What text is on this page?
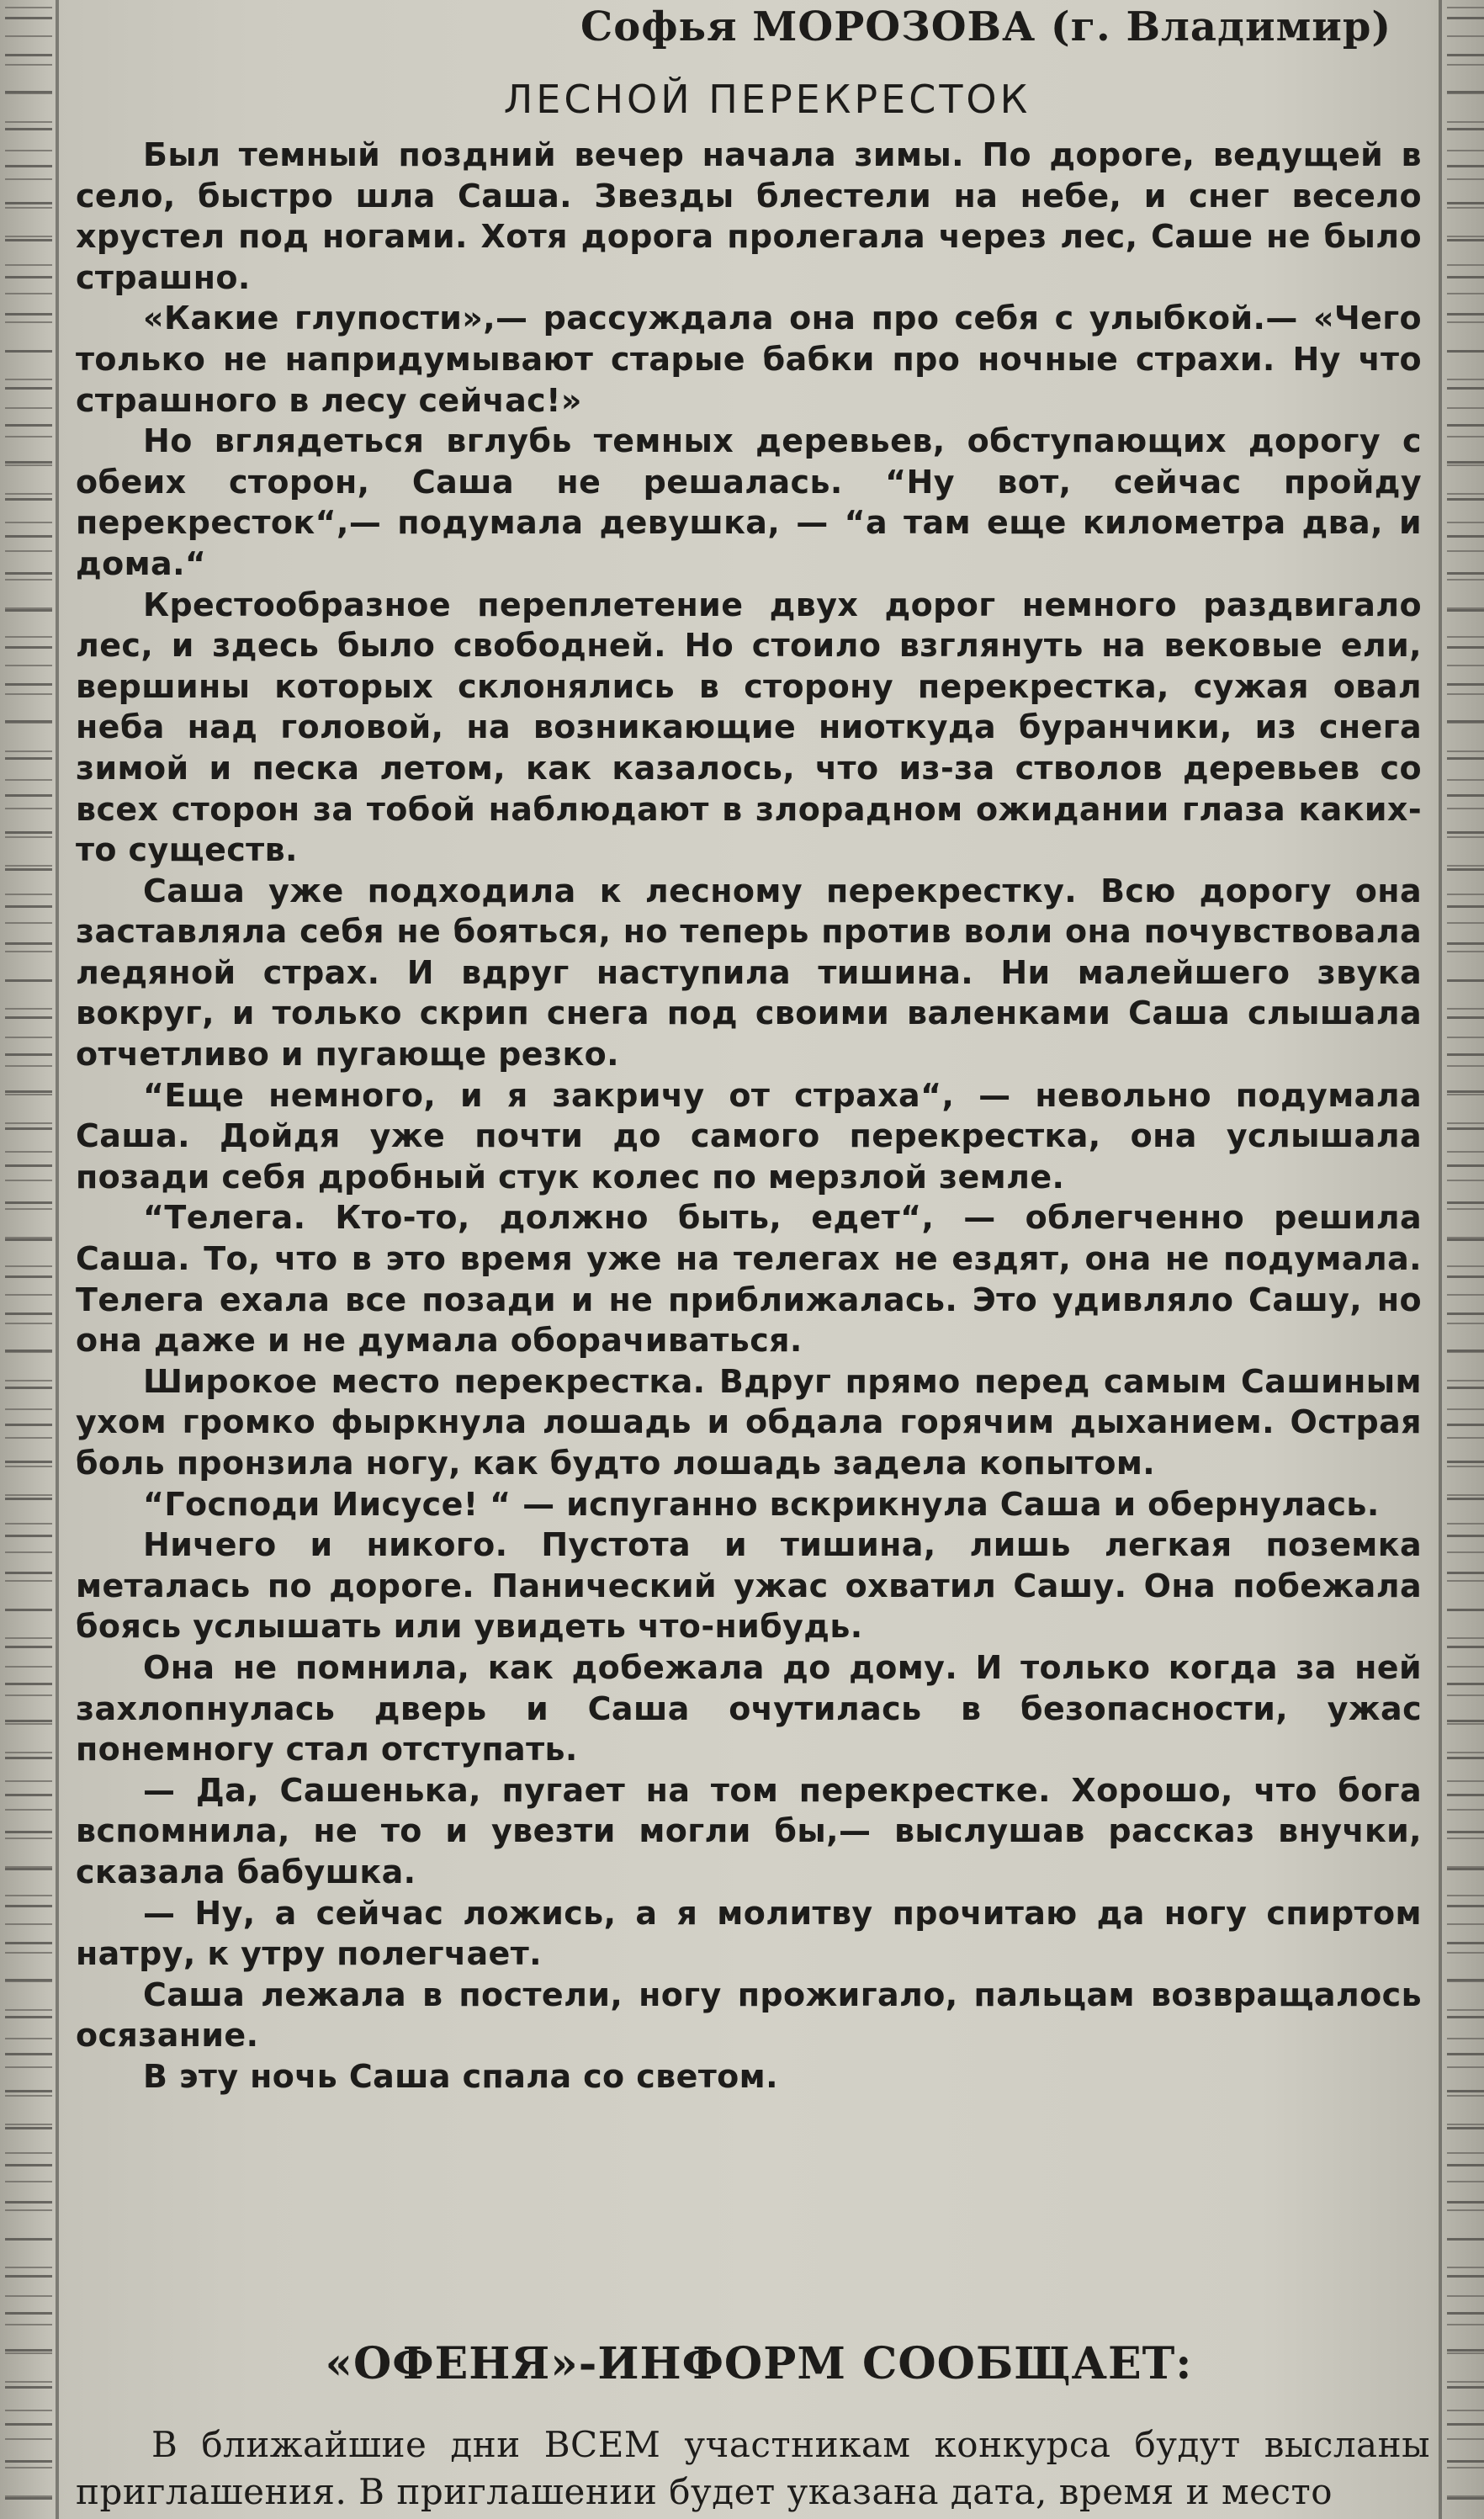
Софья МОРОЗОВА (г. Владимир)
ЛЕСНОЙ ПЕРЕКРЕСТОК

Был темный поздний вечер начала зимы. По дороге, ведущей в село, быстро шла Саша. Звезды блестели на небе, и снег весело хрустел под ногами. Хотя дорога пролегала через лес, Саше не было страшно.

«Какие глупости»,— рассуждала она про себя с улыбкой.— «Чего только не напридумывают старые бабки про ночные страхи. Ну что страшного в лесу сейчас!»

Но вглядеться вглубь темных деревьев, обступающих дорогу с обеих сторон, Саша не решалась. “Ну вот, сейчас пройду перекресток“,— подумала девушка, — “а там еще километра два, и дома.“

Крестообразное переплетение двух дорог немного раздвигало лес, и здесь было свободней. Но стоило взглянуть на вековые ели, вершины которых склонялись в сторону перекрестка, сужая овал неба над головой, на возникающие ниоткуда буранчики, из снега зимой и песка летом, как казалось, что из-за стволов деревьев со всех сторон за тобой наблюдают в злорадном ожидании глаза каких-то существ.

Саша уже подходила к лесному перекрестку. Всю дорогу она заставляла себя не бояться, но теперь против воли она почувствовала ледяной страх. И вдруг наступила тишина. Ни малейшего звука вокруг, и только скрип снега под своими валенками Саша слышала отчетливо и пугающе резко.

“Еще немного, и я закричу от страха“, — невольно подумала Саша. Дойдя уже почти до самого перекрестка, она услышала позади себя дробный стук колес по мерзлой земле.

“Телега. Кто-то, должно быть, едет“, — облегченно решила Саша. То, что в это время уже на телегах не ездят, она не подумала. Телега ехала все позади и не приближалась. Это удивляло Сашу, но она даже и не думала оборачиваться.

Широкое место перекрестка. Вдруг прямо перед самым Сашиным ухом громко фыркнула лошадь и обдала горячим дыханием. Острая боль пронзила ногу, как будто лошадь задела копытом.

“Господи Иисусе! “ — испуганно вскрикнула Саша и обернулась.

Ничего и никого. Пустота и тишина, лишь легкая поземка металась по дороге. Панический ужас охватил Сашу. Она побежала боясь услышать или увидеть что-нибудь.

Она не помнила, как добежала до дому. И только когда за ней захлопнулась дверь и Саша очутилась в безопасности, ужас понемногу стал отступать.

— Да, Сашенька, пугает на том перекрестке. Хорошо, что бога вспомнила, не то и увезти могли бы,— выслушав рассказ внучки, сказала бабушка.

— Ну, а сейчас ложись, а я молитву прочитаю да ногу спиртом натру, к утру полегчает.

Саша лежала в постели, ногу прожигало, пальцам возвращалось осязание.

В эту ночь Саша спала со светом.

«ОФЕНЯ»-ИНФОРМ СООБЩАЕТ:

В ближайшие дни ВСЕМ участникам конкурса будут высланы приглашения. В приглашении будет указана дата, время и место
